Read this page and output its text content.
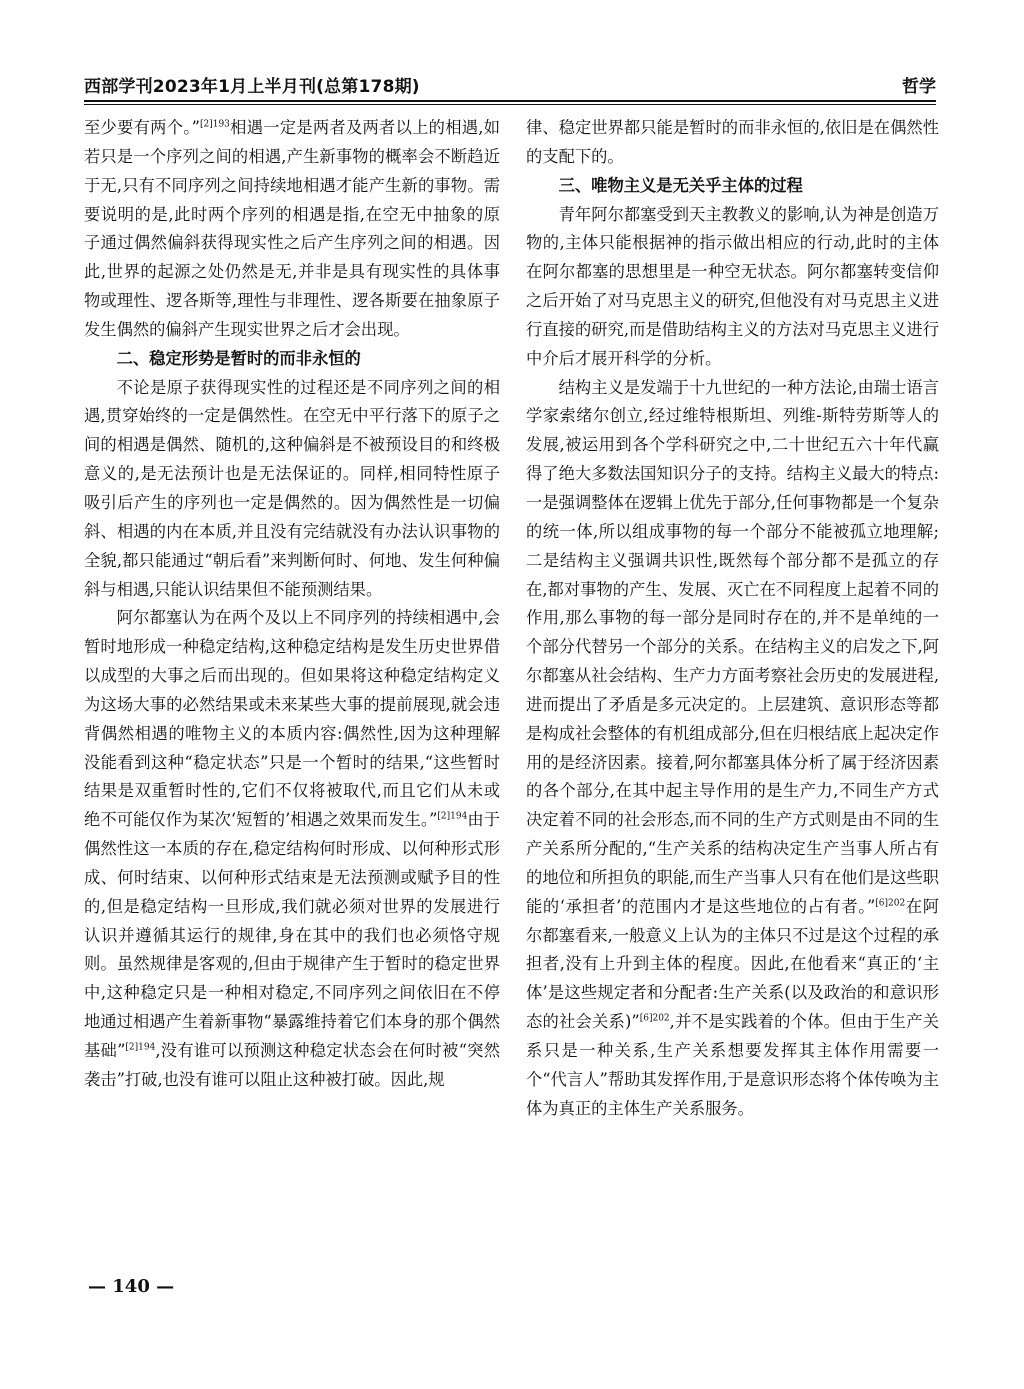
西部学刊2023年1月上半月刊(总第178期)	哲学

至少要有两个。”$^{[2]193}$相遇一定是两者及两者以上的相遇,如若只是一个序列之间的相遇,产生新事物的概率会不断趋近于无,只有不同序列之间持续地相遇才能产生新的事物。需要说明的是,此时两个序列的相遇是指,在空无中抽象的原子通过偶然偏斜获得现实性之后产生序列之间的相遇。因此,世界的起源之处仍然是无,并非是具有现实性的具体事物或理性、逻各斯等,理性与非理性、逻各斯要在抽象原子发生偶然的偏斜产生现实世界之后才会出现。

二、稳定形势是暂时的而非永恒的

不论是原子获得现实性的过程还是不同序列之间的相遇,贯穿始终的一定是偶然性。在空无中平行落下的原子之间的相遇是偶然、随机的,这种偏斜是不被预设目的和终极意义的,是无法预计也是无法保证的。同样,相同特性原子吸引后产生的序列也一定是偶然的。因为偶然性是一切偏斜、相遇的内在本质,并且没有完结就没有办法认识事物的全貌,都只能通过“朝后看”来判断何时、何地、发生何种偏斜与相遇,只能认识结果但不能预测结果。

阿尔都塞认为在两个及以上不同序列的持续相遇中,会暂时地形成一种稳定结构,这种稳定结构是发生历史世界借以成型的大事之后而出现的。但如果将这种稳定结构定义为这场大事的必然结果或未来某些大事的提前展现,就会违背偶然相遇的唯物主义的本质内容:偶然性,因为这种理解没能看到这种“稳定状态”只是一个暂时的结果,“这些暂时结果是双重暂时性的,它们不仅将被取代,而且它们从未或绝不可能仅作为某次‘短暂的’相遇之效果而发生。”$^{[2]194}$由于偶然性这一本质的存在,稳定结构何时形成、以何种形式形成、何时结束、以何种形式结束是无法预测或赋予目的性的,但是稳定结构一旦形成,我们就必须对世界的发展进行认识并遵循其运行的规律,身在其中的我们也必须恪守规则。虽然规律是客观的,但由于规律产生于暂时的稳定世界中,这种稳定只是一种相对稳定,不同序列之间依旧在不停地通过相遇产生着新事物“暴露维持着它们本身的那个偶然基础”$^{[2]194}$,没有谁可以预测这种稳定状态会在何时被“突然袭击”打破,也没有谁可以阻止这种被打破。因此,规

律、稳定世界都只能是暂时的而非永恒的,依旧是在偶然性的支配下的。

三、唯物主义是无关乎主体的过程

青年阿尔都塞受到天主教教义的影响,认为神是创造万物的,主体只能根据神的指示做出相应的行动,此时的主体在阿尔都塞的思想里是一种空无状态。阿尔都塞转变信仰之后开始了对马克思主义的研究,但他没有对马克思主义进行直接的研究,而是借助结构主义的方法对马克思主义进行中介后才展开科学的分析。

结构主义是发端于十九世纪的一种方法论,由瑞士语言学家索绪尔创立,经过维特根斯坦、列维-斯特劳斯等人的发展,被运用到各个学科研究之中,二十世纪五六十年代赢得了绝大多数法国知识分子的支持。结构主义最大的特点:一是强调整体在逻辑上优先于部分,任何事物都是一个复杂的统一体,所以组成事物的每一个部分不能被孤立地理解;二是结构主义强调共识性,既然每个部分都不是孤立的存在,都对事物的产生、发展、灭亡在不同程度上起着不同的作用,那么事物的每一部分是同时存在的,并不是单纯的一个部分代替另一个部分的关系。在结构主义的启发之下,阿尔都塞从社会结构、生产力方面考察社会历史的发展进程,进而提出了矛盾是多元决定的。上层建筑、意识形态等都是构成社会整体的有机组成部分,但在归根结底上起决定作用的是经济因素。接着,阿尔都塞具体分析了属于经济因素的各个部分,在其中起主导作用的是生产力,不同生产方式决定着不同的社会形态,而不同的生产方式则是由不同的生产关系所分配的,“生产关系的结构决定生产当事人所占有的地位和所担负的职能,而生产当事人只有在他们是这些职能的‘承担者’的范围内才是这些地位的占有者。”$^{[6]202}$在阿尔都塞看来,一般意义上认为的主体只不过是这个过程的承担者,没有上升到主体的程度。因此,在他看来“真正的‘主体’是这些规定者和分配者:生产关系(以及政治的和意识形态的社会关系)”$^{[6]202}$,并不是实践着的个体。但由于生产关系只是一种关系,生产关系想要发挥其主体作用需要一个“代言人”帮助其发挥作用,于是意识形态将个体传唤为主体为真正的主体生产关系服务。

— 140 —
